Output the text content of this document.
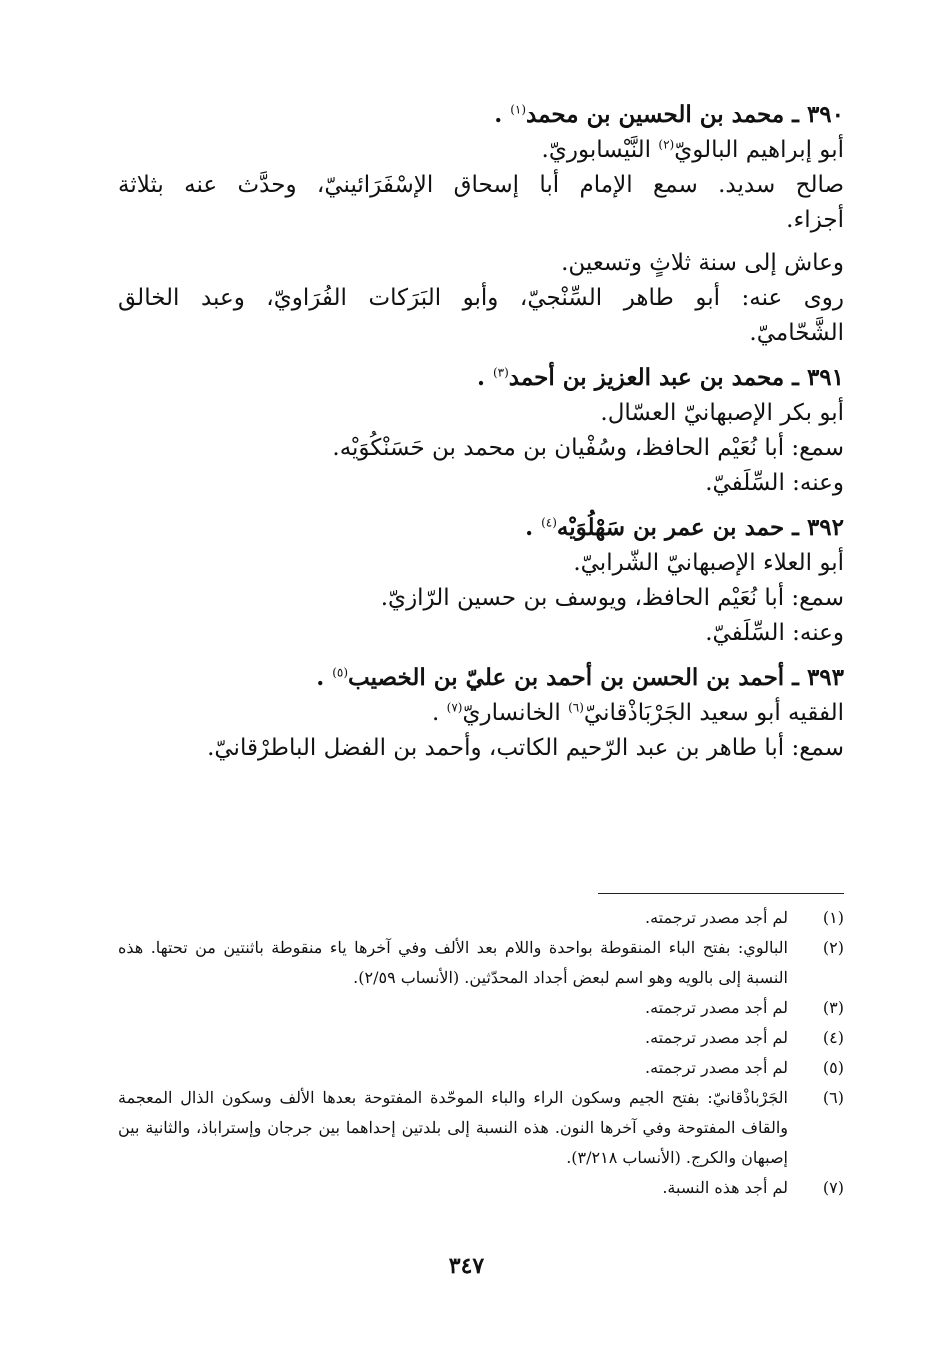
٣٩٠ ـ محمد بن الحسين بن محمد$^{(١)}$ .
أبو إبراهيم البالويّ$^{(٢)}$ النَّيْسابوريّ.
صالح سديد. سمع الإمام أبا إسحاق الإسْفَرَائينيّ، وحدَّث عنه بثلاثة
أجزاء.
وعاش إلى سنة ثلاثٍ وتسعين.
روى عنه: أبو طاهر السِّنْجيّ، وأبو البَرَكات الفُرَاويّ، وعبد الخالق
الشَّحّاميّ.
٣٩١ ـ محمد بن عبد العزيز بن أحمد$^{(٣)}$ .
أبو بكر الإصبهانيّ العسّال.
سمع: أبا نُعَيْم الحافظ، وسُفْيان بن محمد بن حَسَنْكُوَيْه.
وعنه: السِّلَفيّ.
٣٩٢ ـ حمد بن عمر بن سَهْلُوَيْه$^{(٤)}$ .
أبو العلاء الإصبهانيّ الشّرابيّ.
سمع: أبا نُعَيْم الحافظ، ويوسف بن حسين الرّازيّ.
وعنه: السِّلَفيّ.
٣٩٣ ـ أحمد بن الحسن بن أحمد بن عليّ بن الخصيب$^{(٥)}$ .
الفقيه أبو سعيد الجَرْبَاذْقانيّ$^{(٦)}$ الخانساريّ$^{(٧)}$ .
سمع: أبا طاهر بن عبد الرّحيم الكاتب، وأحمد بن الفضل الباطرْقانيّ.
(١)
لم أجد مصدر ترجمته.
(٢)
البالوي: بفتح الباء المنقوطة بواحدة واللام بعد الألف وفي آخرها ياء منقوطة باثنتين من تحتها. هذه النسبة إلى بالويه وهو اسم لبعض أجداد المحدّثين. (الأنساب ٢/٥٩).
(٣)
لم أجد مصدر ترجمته.
(٤)
لم أجد مصدر ترجمته.
(٥)
لم أجد مصدر ترجمته.
(٦)
الجَرْباذْقانيّ: بفتح الجيم وسكون الراء والباء الموحّدة المفتوحة بعدها الألف وسكون الذال المعجمة والقاف المفتوحة وفي آخرها النون. هذه النسبة إلى بلدتين إحداهما بين جرجان وإستراباذ، والثانية بين إصبهان والكرج. (الأنساب ٣/٢١٨).
(٧)
لم أجد هذه النسبة.
٣٤٧
